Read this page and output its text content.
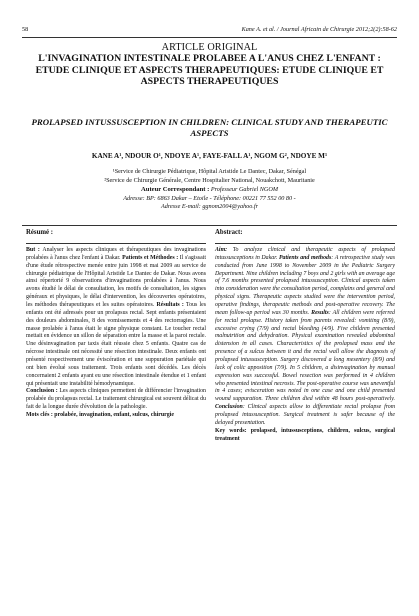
58	Kane A. et al. / Journal Africain de Chirurgie 2012;2(2):58-62
ARTICLE ORIGINAL
L'INVAGINATION INTESTINALE PROLABEE A L'ANUS CHEZ L'ENFANT : ETUDE CLINIQUE ET ASPECTS THERAPEUTIQUES: ETUDE CLINIQUE ET ASPECTS THERAPEUTIQUES
PROLAPSED INTUSSUSCEPTION IN CHILDREN: CLINICAL STUDY AND THERAPEUTIC ASPECTS
KANE A¹, NDOUR O¹, NDOYE A¹, FAYE-FALL A¹, NGOM G², NDOYE M¹
¹Service de Chirurgie Pédiatrique, Hôpital Aristide Le Dantec, Dakar, Sénégal
²Service de Chirurgie Générale, Centre Hospitalier National, Nouakchott, Mauritanie
Auteur Correspondant : Professeur Gabriel NGOM
Adresse: BP: 6863 Dakar – Etoile - Téléphone: 00221 77 552 00 80 -
Adresse E-mail: ggnom2004@yahoo.fr
Résumé :

But : Analyser les aspects cliniques et thérapeutiques des invaginations prolabées à l'anus chez l'enfant à Dakar. Patients et Méthodes : Il s'agissait d'une étude rétrospective menée entre juin 1998 et mai 2009 au service de chirurgie pédiatrique de l'Hôpital Aristide Le Dantec de Dakar. Nous avons ainsi répertorié 9 observations d'invaginations prolabées à l'anus. Nous avons étudié le délai de consultation, les motifs de consultation, les signes généraux et physiques, le délai d'intervention, les découvertes opératoires, les méthodes thérapeutiques et les suites opératoires. Résultats : Tous les enfants ont été adressés pour un prolapsus rectal. Sept enfants présentaient des douleurs abdominales, 8 des vomissements et 4 des rectorragies. Une masse prolabée à l'anus était le signe physique constant. Le toucher rectal mettait en évidence un sillon de séparation entre la masse et la paroi rectale. Une désinvagination par taxis était réussie chez 5 enfants. Quatre cas de nécrose intestinale ont nécessité une résection intestinale. Deux enfants ont présenté respectivement une éviscération et une suppuration pariétale qui ont bien évolué sous traitement. Trois enfants sont décédés. Les décès concernaient 2 enfants ayant eu une résection intestinale étendue et 1 enfant qui présentait une instabilité hémodynamique.

Conclusion : Les aspects cliniques permettent de différencier l'invagination prolabée du prolapsus rectal. Le traitement chirurgical est souvent délicat du fait de la longue durée d'évolution de la pathologie.

Mots clés : prolabée, invagination, enfant, sulcus, chirurgie

Abstract:

Aim: To analyze clinical and therapeutic aspects of prolapsed intussusceptions in Dakar. Patients and methods: A retrospective study was conducted from June 1998 to November 2009 in the Pediatric Surgery Department. Nine children including 7 boys and 2 girls with an average age of 7.6 months presented prolapsed intussusception. Clinical aspects taken into consideration were the consultation period, complains and general and physical signs. Therapeutic aspects studied were the intervention period, operative findings, therapeutic methods and post-operative recovery. The mean follow-up period was 30 months. Results: All children were referred for rectal prolapse. History taken from parents revealed: vomiting (8/9), excessive crying (7/9) and rectal bleeding (4/9). Five children presented malnutrition and dehydration. Physical examination revealed abdominal distension in all cases. Characteristics of the prolapsed mass and the presence of a sulcus between it and the rectal wall allow the diagnosis of prolapsed intussusception. Surgery discovered a long mesentery (8/9) and lack of colic apposition (7/9). In 5 children, a disinvagination by manual expression was successful. Bowel resection was performed in 4 children who presented intestinal necrosis. The post-operative course was uneventful in 4 cases; evisceration was noted in one case and one child presented wound suppuration. Three children died within 48 hours post-operatively. Conclusion: Clinical aspects allow to differentiate rectal prolapse from prolapsed intussusception. Surgical treatment is safer because of the delayed presentation.

Key words: prolapsed, intussusceptions, children, sulcus, surgical treatment
